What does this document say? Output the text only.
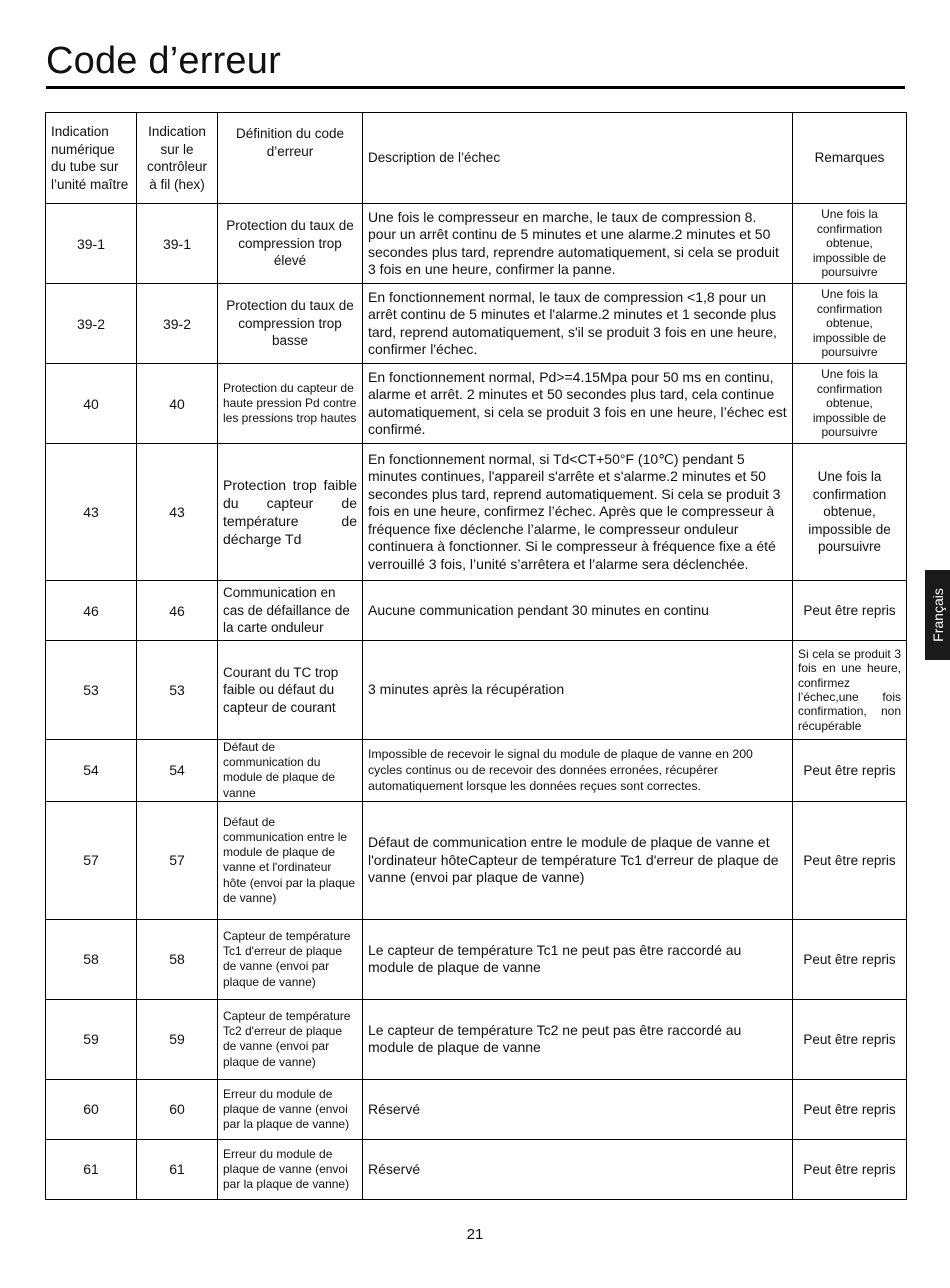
Code d’erreur
Français
Indication numérique du tube sur l’unité maître	Indication sur le contrôleur à fil (hex)	Définition du code d’erreur	Description de l’échec	Remarques
39-1	39-1	Protection du taux de compression trop élevé	Une fois le compresseur en marche, le taux de compression 8. pour un arrêt continu de 5 minutes et une alarme.2 minutes et 50 secondes plus tard, reprendre automatiquement, si cela se produit 3 fois en une heure, confirmer la panne.	Une fois la confirmation obtenue, impossible de poursuivre
39-2	39-2	Protection du taux de compression trop basse	En fonctionnement normal, le taux de compression <1,8 pour un arrêt continu de 5 minutes et l'alarme.2 minutes et 1 seconde plus tard, reprend automatiquement, s'il se produit 3 fois en une heure, confirmer l'échec.	Une fois la confirmation obtenue, impossible de poursuivre
40	40	Protection du capteur de haute pression Pd contre les pressions trop hautes	En fonctionnement normal, Pd>=4.15Mpa pour 50 ms en continu, alarme et arrêt. 2 minutes et 50 secondes plus tard, cela continue automatiquement, si cela se produit 3 fois en une heure, l’échec est confirmé.	Une fois la confirmation obtenue, impossible de poursuivre
43	43	Protection trop faible du capteur de température de décharge Td	En fonctionnement normal, si Td<CT+50°F (10℃) pendant 5 minutes continues, l'appareil s'arrête et s'alarme.2 minutes et 50 secondes plus tard, reprend automatiquement. Si cela se produit 3 fois en une heure, confirmez l’échec. Après que le compresseur à fréquence fixe déclenche l’alarme, le compresseur onduleur continuera à fonctionner. Si le compresseur à fréquence fixe a été verrouillé 3 fois, l’unité s’arrêtera et l’alarme sera déclenchée.	Une fois la confirmation obtenue, impossible de poursuivre
46	46	Communication en cas de défaillance de la carte onduleur	Aucune communication pendant 30 minutes en continu	Peut être repris
53	53	Courant du TC trop faible ou défaut du capteur de courant	3 minutes après la récupération	Si cela se produit 3 fois en une heure, confirmez l’échec,une fois confirmation, non récupérable
54	54	Défaut de communication du module de plaque de vanne	Impossible de recevoir le signal du module de plaque de vanne en 200 cycles continus ou de recevoir des données erronées, récupérer automatiquement lorsque les données reçues sont correctes.	Peut être repris
57	57	Défaut de communication entre le module de plaque de vanne et l'ordinateur hôte (envoi par la plaque de vanne)	Défaut de communication entre le module de plaque de vanne et l'ordinateur hôteCapteur de température Tc1 d'erreur de plaque de vanne (envoi par plaque de vanne)	Peut être repris
58	58	Capteur de température Tc1 d'erreur de plaque de vanne (envoi par plaque de vanne)	Le capteur de température Tc1 ne peut pas être raccordé au module de plaque de vanne	Peut être repris
59	59	Capteur de température Tc2 d'erreur de plaque de vanne (envoi par plaque de vanne)	Le capteur de température Tc2 ne peut pas être raccordé au module de plaque de vanne	Peut être repris
60	60	Erreur du module de plaque de vanne (envoi par la plaque de vanne)	Réservé	Peut être repris
61	61	Erreur du module de plaque de vanne (envoi par la plaque de vanne)	Réservé	Peut être repris
21
